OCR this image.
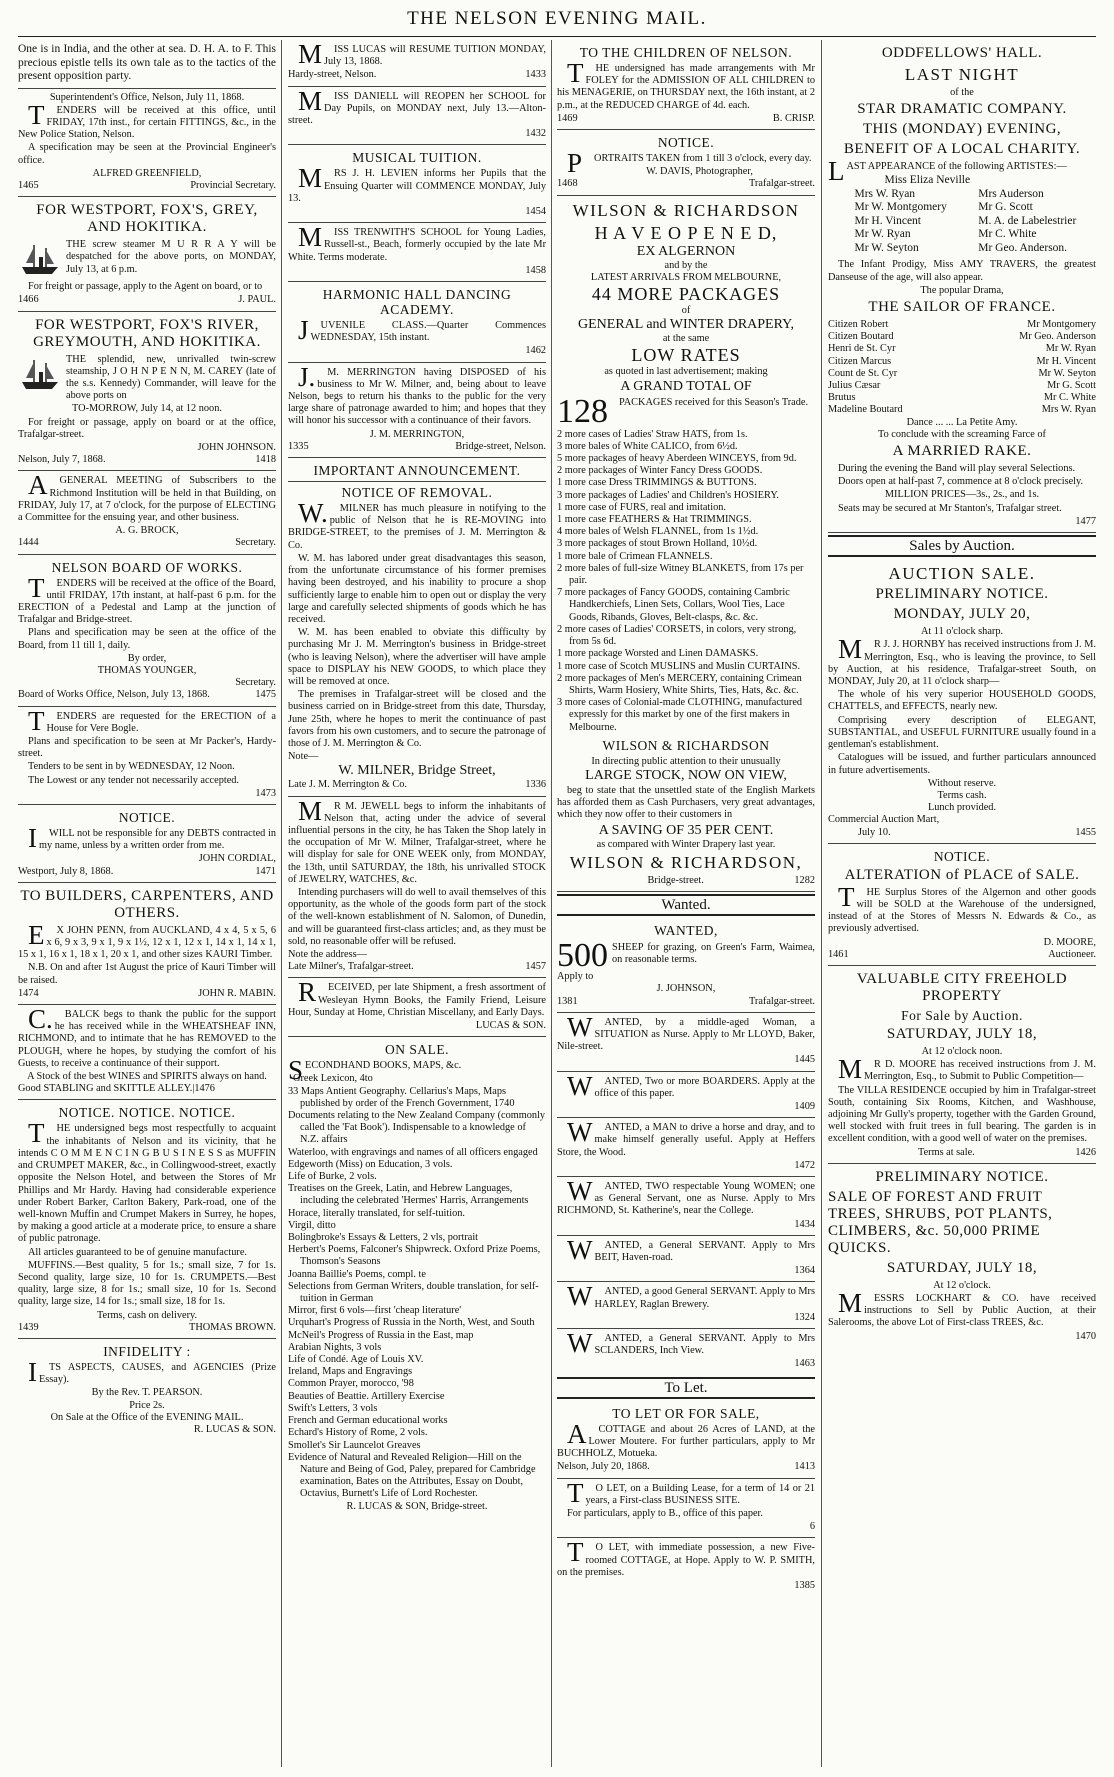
THE NELSON EVENING MAIL.
One is in India, and the other at sea. D. H. A. to F. This precious epistle tells its own tale as to the tactics of the present opposition party.
Superintendent's Office, Nelson, July 11, 1868.
TENDERS will be received at this office, until FRIDAY, 17th inst., for certain FITTINGS, &c., in the New Police Station, Nelson.
A specification may be seen at the Provincial Engineer's office.
ALFRED GREENFIELD,
1465	Provincial Secretary.
FOR WESTPORT, FOX'S, GREY, AND HOKITIKA.
THE screw steamer M U R R A Y will be despatched for the above ports, on MONDAY, July 13, at 6 p.m.
For freight or passage, apply to the Agent on board, or to
1466	J. PAUL.
FOR WESTPORT, FOX'S RIVER, GREYMOUTH, AND HOKITIKA.
THE splendid, new, unrivalled twin-screw steamship, J O H N P E N N, M. CAREY (late of the s.s. Kennedy) Commander, will leave for the above ports on
TO-MORROW, July 14, at 12 noon.
For freight or passage, apply on board or at the office, Trafalgar-street.
JOHN JOHNSON.
Nelson, July 7, 1868.	1418
AGENERAL MEETING of Subscribers to the Richmond Institution will be held in that Building, on FRIDAY, July 17, at 7 o'clock, for the purpose of ELECTING a Committee for the ensuing year, and other business.
A. G. BROCK,
1444	Secretary.
NELSON BOARD OF WORKS.
TENDERS will be received at the office of the Board, until FRIDAY, 17th instant, at half-past 6 p.m. for the ERECTION of a Pedestal and Lamp at the junction of Trafalgar and Bridge-street.
Plans and specification may be seen at the office of the Board, from 11 till 1, daily.
By order,
THOMAS YOUNGER,
Secretary.
Board of Works Office, Nelson, July 13, 1868.	1475
TENDERS are requested for the ERECTION of a House for Vere Bogle.
Plans and specification to be seen at Mr Packer's, Hardy-street.
Tenders to be sent in by WEDNESDAY, 12 Noon.
The Lowest or any tender not necessarily accepted.
1473
NOTICE.
IWILL not be responsible for any DEBTS contracted in my name, unless by a written order from me.
JOHN CORDIAL,
Westport, July 8, 1868.	1471
TO BUILDERS, CARPENTERS, AND OTHERS.
EX JOHN PENN, from AUCKLAND, 4 x 4, 5 x 5, 6 x 6, 9 x 3, 9 x 1, 9 x 1½, 12 x 1, 12 x 1, 14 x 1, 14 x 1, 15 x 1, 16 x 1, 18 x 1, 20 x 1, and other sizes KAURI Timber.
N.B. On and after 1st August the price of Kauri Timber will be raised.
1474	JOHN R. MABIN.
C.BALCK begs to thank the public for the support he has received while in the WHEATSHEAF INN, RICHMOND, and to intimate that he has REMOVED to the PLOUGH, where he hopes, by studying the comfort of his Guests, to receive a continuance of their support.
A Stock of the best WINES and SPIRITS always on hand.
Good STABLING and SKITTLE ALLEY.|1476
NOTICE. NOTICE. NOTICE.
THE undersigned begs most respectfully to acquaint the inhabitants of Nelson and its vicinity, that he intends C O M M E N C I N G B U S I N E S S as MUFFIN and CRUMPET MAKER, &c., in Collingwood-street, exactly opposite the Nelson Hotel, and between the Stores of Mr Phillips and Mr Hardy. Having had considerable experience under Robert Barker, Carlton Bakery, Park-road, one of the well-known Muffin and Crumpet Makers in Surrey, he hopes, by making a good article at a moderate price, to ensure a share of public patronage.
All articles guaranteed to be of genuine manufacture.
MUFFINS.—Best quality, 5 for 1s.; small size, 7 for 1s. Second quality, large size, 10 for 1s. CRUMPETS.—Best quality, large size, 8 for 1s.; small size, 10 for 1s. Second quality, large size, 14 for 1s.; small size, 18 for 1s.
Terms, cash on delivery.
1439	THOMAS BROWN.
INFIDELITY :
ITS ASPECTS, CAUSES, and AGENCIES (Prize Essay).
By the Rev. T. PEARSON.
Price 2s.
On Sale at the Office of the EVENING MAIL.
R. LUCAS & SON.
MISS LUCAS will RESUME TUITION MONDAY, July 13, 1868.
Hardy-street, Nelson.	1433
MISS DANIELL will REOPEN her SCHOOL for Day Pupils, on MONDAY next, July 13.—Alton-street.
1432
MUSICAL TUITION.
MRS J. H. LEVIEN informs her Pupils that the Ensuing Quarter will COMMENCE MONDAY, July 13.
1454
MISS TRENWITH'S SCHOOL for Young Ladies, Russell-st., Beach, formerly occupied by the late Mr White. Terms moderate.
1458
HARMONIC HALL DANCING ACADEMY.
JUVENILE CLASS.—Quarter Commences WEDNESDAY, 15th instant.
1462
J.M. MERRINGTON having DISPOSED of his business to Mr W. Milner, and, being about to leave Nelson, begs to return his thanks to the public for the very large share of patronage awarded to him; and hopes that they will honor his successor with a continuance of their favors.
J. M. MERRINGTON,
1335	Bridge-street, Nelson.
IMPORTANT ANNOUNCEMENT.
NOTICE OF REMOVAL.
W.MILNER has much pleasure in notifying to the public of Nelson that he is RE-MOVING into BRIDGE-STREET, to the premises of J. M. Merrington & Co.
W. M. has labored under great disadvantages this season, from the unfortunate circumstance of his former premises having been destroyed, and his inability to procure a shop sufficiently large to enable him to open out or display the very large and carefully selected shipments of goods which he has received.
W. M. has been enabled to obviate this difficulty by purchasing Mr J. M. Merrington's business in Bridge-street (who is leaving Nelson), where the advertiser will have ample space to DISPLAY his NEW GOODS, to which place they will be removed at once.
The premises in Trafalgar-street will be closed and the business carried on in Bridge-street from this date, Thursday, June 25th, where he hopes to merit the continuance of past favors from his own customers, and to secure the patronage of those of J. M. Merrington & Co.
Note—
W. MILNER, Bridge Street,
Late J. M. Merrington & Co.	1336
MR M. JEWELL begs to inform the inhabitants of Nelson that, acting under the advice of several influential persons in the city, he has Taken the Shop lately in the occupation of Mr W. Milner, Trafalgar-street, where he will display for sale for ONE WEEK only, from MONDAY, the 13th, until SATURDAY, the 18th, his unrivalled STOCK of JEWELRY, WATCHES, &c.
Intending purchasers will do well to avail themselves of this opportunity, as the whole of the goods form part of the stock of the well-known establishment of N. Salomon, of Dunedin, and will be guaranteed first-class articles; and, as they must be sold, no reasonable offer will be refused.
Note the address—
Late Milner's, Trafalgar-street.	1457
RECEIVED, per late Shipment, a fresh assortment of Wesleyan Hymn Books, the Family Friend, Leisure Hour, Sunday at Home, Christian Miscellany, and Early Days.
LUCAS & SON.
ON SALE.
SECONDHAND BOOKS, MAPS, &c.
Greek Lexicon, 4to
33 Maps Antient Geography. Cellarius's Maps, Maps published by order of the French Government, 1740
Documents relating to the New Zealand Company (commonly called the 'Fat Book'). Indispensable to a knowledge of N.Z. affairs
Waterloo, with engravings and names of all officers engaged
Edgeworth (Miss) on Education, 3 vols.
Life of Burke, 2 vols.
Treatises on the Greek, Latin, and Hebrew Languages, including the celebrated 'Hermes' Harris, Arrangements
Horace, literally translated, for self-tuition.
Virgil, ditto
Bolingbroke's Essays & Letters, 2 vls, portrait
Herbert's Poems, Falconer's Shipwreck. Oxford Prize Poems, Thomson's Seasons
Joanna Baillie's Poems, compl. te
Selections from German Writers, double translation, for self-tuition in German
Mirror, first 6 vols—first 'cheap literature'
Urquhart's Progress of Russia in the North, West, and South
McNeil's Progress of Russia in the East, map
Arabian Nights, 3 vols
Life of Condé. Age of Louis XV.
Ireland, Maps and Engravings
Common Prayer, morocco, '98
Beauties of Beattie. Artillery Exercise
Swift's Letters, 3 vols
French and German educational works
Echard's History of Rome, 2 vols.
Smollet's Sir Launcelot Greaves
Evidence of Natural and Revealed Religion—Hill on the Nature and Being of God, Paley, prepared for Cambridge examination, Bates on the Attributes, Essay on Doubt, Octavius, Burnett's Life of Lord Rochester.
R. LUCAS & SON, Bridge-street.
TO THE CHILDREN OF NELSON.
THE undersigned has made arrangements with Mr FOLEY for the ADMISSION OF ALL CHILDREN to his MENAGERIE, on THURSDAY next, the 16th instant, at 2 p.m., at the REDUCED CHARGE of 4d. each.
1469	B. CRISP.
NOTICE.
PORTRAITS TAKEN from 1 till 3 o'clock, every day.
W. DAVIS, Photographer,
1468	Trafalgar-street.
WILSON & RICHARDSON
H A V E O P E N E D,
EX ALGERNON
and by the
LATEST ARRIVALS FROM MELBOURNE,
44 MORE PACKAGES
of
GENERAL and WINTER DRAPERY,
at the same
LOW RATES
as quoted in last advertisement; making
A GRAND TOTAL OF
128	PACKAGES received for this Season's Trade.
2 more cases of Ladies' Straw HATS, from 1s.
3 more bales of White CALICO, from 6½d.
5 more packages of heavy Aberdeen WINCEYS, from 9d.
2 more packages of Winter Fancy Dress GOODS.
1 more case Dress TRIMMINGS & BUTTONS.
3 more packages of Ladies' and Children's HOSIERY.
1 more case of FURS, real and imitation.
1 more case FEATHERS & Hat TRIMMINGS.
4 more bales of Welsh FLANNEL, from 1s 1½d.
3 more packages of stout Brown Holland, 10½d.
1 more bale of Crimean FLANNELS.
2 more bales of full-size Witney BLANKETS, from 17s per pair.
7 more packages of Fancy GOODS, containing Cambric Handkerchiefs, Linen Sets, Collars, Wool Ties, Lace Goods, Ribands, Gloves, Belt-clasps, &c. &c.
2 more cases of Ladies' CORSETS, in colors, very strong, from 5s 6d.
1 more package Worsted and Linen DAMASKS.
1 more case of Scotch MUSLINS and Muslin CURTAINS.
2 more packages of Men's MERCERY, containing Crimean Shirts, Warm Hosiery, White Shirts, Ties, Hats, &c. &c.
3 more cases of Colonial-made CLOTHING, manufactured expressly for this market by one of the first makers in Melbourne.
WILSON & RICHARDSON
In directing public attention to their unusually
LARGE STOCK, NOW ON VIEW,
beg to state that the unsettled state of the English Markets has afforded them as Cash Purchasers, very great advantages, which they now offer to their customers in
A SAVING OF 35 PER CENT.
as compared with Winter Drapery last year.
WILSON & RICHARDSON,
Bridge-street.	1282
Wanted.
WANTED,
500 SHEEP for grazing, on Green's Farm, Waimea, on reasonable terms.
Apply to
J. JOHNSON,
1381	Trafalgar-street.
WANTED, by a middle-aged Woman, a SITUATION as Nurse. Apply to Mr LLOYD, Baker, Nile-street.
1445
WANTED, Two or more BOARDERS. Apply at the office of this paper.
1409
WANTED, a MAN to drive a horse and dray, and to make himself generally useful. Apply at Heffers Store, the Wood.
1472
WANTED, TWO respectable Young WOMEN; one as General Servant, one as Nurse. Apply to Mrs RICHMOND, St. Katherine's, near the College.
1434
WANTED, a General SERVANT. Apply to Mrs BEIT, Haven-road.
1364
WANTED, a good General SERVANT. Apply to Mrs HARLEY, Raglan Brewery.
1324
WANTED, a General SERVANT. Apply to Mrs SCLANDERS, Inch View.
1463
To Let.
TO LET OR FOR SALE,
ACOTTAGE and about 26 Acres of LAND, at the Lower Moutere. For further particulars, apply to Mr BUCHHOLZ, Motueka.
Nelson, July 20, 1868.	1413
TO LET, on a Building Lease, for a term of 14 or 21 years, a First-class BUSINESS SITE.
For particulars, apply to B., office of this paper.
6
TO LET, with immediate possession, a new Five-roomed COTTAGE, at Hope. Apply to W. P. SMITH, on the premises.
1385
ODDFELLOWS' HALL.
LAST NIGHT
of the
STAR DRAMATIC COMPANY.
THIS (MONDAY) EVENING,
BENEFIT OF A LOCAL CHARITY.
LAST APPEARANCE of the following ARTISTES:—
Miss Eliza Neville
Mrs W. Ryan	Mrs Auderson
Mr W. Montgomery	Mr G. Scott
Mr H. Vincent	M. A. de Labelestrier
Mr W. Ryan	Mr C. White
Mr W. Seyton	Mr Geo. Anderson.
The Infant Prodigy, Miss AMY TRAVERS, the greatest Danseuse of the age, will also appear.
The popular Drama,
THE SAILOR OF FRANCE.
Citizen Robert	Mr Montgomery
Citizen Boutard	Mr Geo. Anderson
Henri de St. Cyr	Mr W. Ryan
Citizen Marcus	Mr H. Vincent
Count de St. Cyr	Mr W. Seyton
Julius Cæsar	Mr G. Scott
Brutus	Mr C. White
Madeline Boutard	Mrs W. Ryan
Dance ... ... La Petite Amy.
To conclude with the screaming Farce of
A MARRIED RAKE.
During the evening the Band will play several Selections.
Doors open at half-past 7, commence at 8 o'clock precisely.
MILLION PRICES—3s., 2s., and 1s.
Seats may be secured at Mr Stanton's, Trafalgar street.
1477
Sales by Auction.
AUCTION SALE.
PRELIMINARY NOTICE.
MONDAY, JULY 20,
At 11 o'clock sharp.
MR J. J. HORNBY has received instructions from J. M. Merrington, Esq., who is leaving the province, to Sell by Auction, at his residence, Trafalgar-street South, on MONDAY, July 20, at 11 o'clock sharp—
The whole of his very superior HOUSEHOLD GOODS, CHATTELS, and EFFECTS, nearly new.
Comprising every description of ELEGANT, SUBSTANTIAL, and USEFUL FURNITURE usually found in a gentleman's establishment.
Catalogues will be issued, and further particulars announced in future advertisements.
Without reserve.
Terms cash.
Lunch provided.
Commercial Auction Mart,
July 10.	1455
NOTICE.
ALTERATION of PLACE of SALE.
THE Surplus Stores of the Algernon and other goods will be SOLD at the Warehouse of the undersigned, instead of at the Stores of Messrs N. Edwards & Co., as previously advertised.
D. MOORE,
1461	Auctioneer.
VALUABLE CITY FREEHOLD PROPERTY
For Sale by Auction.
SATURDAY, JULY 18,
At 12 o'clock noon.
MR D. MOORE has received instructions from J. M. Merrington, Esq., to Submit to Public Competition—
The VILLA RESIDENCE occupied by him in Trafalgar-street South, containing Six Rooms, Kitchen, and Washhouse, adjoining Mr Gully's property, together with the Garden Ground, well stocked with fruit trees in full bearing. The garden is in excellent condition, with a good well of water on the premises.
Terms at sale.	1426
PRELIMINARY NOTICE.
SALE OF FOREST AND FRUIT TREES, SHRUBS, POT PLANTS, CLIMBERS, &c. 50,000 PRIME QUICKS.
SATURDAY, JULY 18,
At 12 o'clock.
MESSRS LOCKHART & CO. have received instructions to Sell by Public Auction, at their Salerooms, the above Lot of First-class TREES, &c.
1470
